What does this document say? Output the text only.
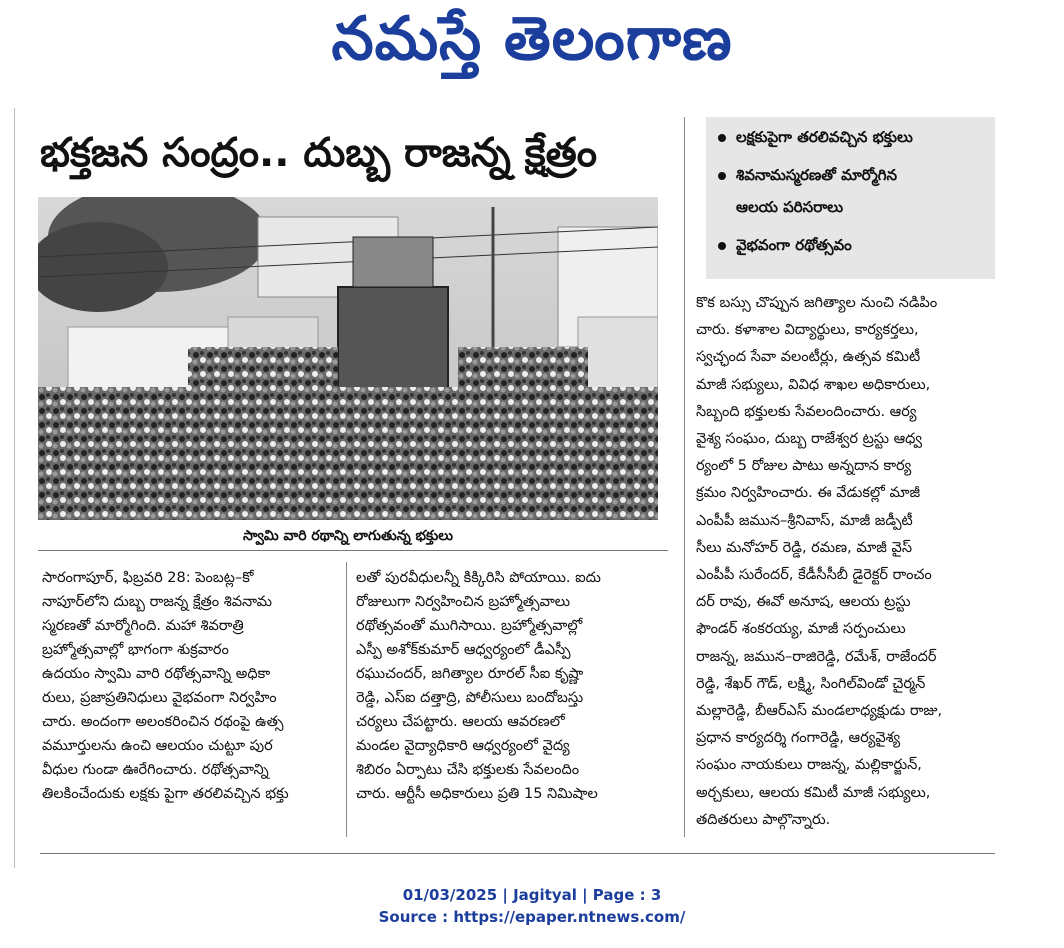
నమస్తే తెలంగాణ
భక్తజన సంద్రం.. దుబ్బ రాజన్న క్షేత్రం
స్వామి వారి రథాన్ని లాగుతున్న భక్తులు
లక్షకుపైగా తరలివచ్చిన భక్తులు
శివనామస్మరణతో మార్మోగిన
ఆలయ పరిసరాలు
వైభవంగా రథోత్సవం

సారంగాపూర్, ఫిబ్రవరి 28: పెంబట్ల–కో

నాపూర్‌లోని దుబ్బ రాజన్న క్షేత్రం శివనామ

స్మరణతో మార్మోగింది. మహా శివరాత్రి

బ్రహ్మోత్సవాల్లో భాగంగా శుక్రవారం

ఉదయం స్వామి వారి రథోత్సవాన్ని అధికా

రులు, ప్రజాప్రతినిధులు వైభవంగా నిర్వహిం

చారు. అందంగా అలంకరించిన రథంపై ఉత్స

వమూర్తులను ఉంచి ఆలయం చుట్టూ పుర

వీధుల గుండా ఊరేగించారు. రథోత్సవాన్ని

తిలకించేందుకు లక్షకు పైగా తరలివచ్చిన భక్తు

లతో పురవీధులన్నీ కిక్కిరిసి పోయాయి. ఐదు

రోజులుగా నిర్వహించిన బ్రహ్మోత్సవాలు

రథోత్సవంతో ముగిసాయి. బ్రహ్మోత్సవాల్లో

ఎస్పీ అశోక్‌కుమార్ ఆధ్వర్యంలో డీఎస్పీ

రఘుచందర్, జగిత్యాల రూరల్ సీఐ కృష్ణా

రెడ్డి, ఎస్ఐ దత్తాద్రి, పోలీసులు బందోబస్తు

చర్యలు చేపట్టారు. ఆలయ ఆవరణలో

మండల వైద్యాధికారి ఆధ్వర్యంలో వైద్య

శిబిరం ఏర్పాటు చేసి భక్తులకు సేవలందిం

చారు. ఆర్టీసీ అధికారులు ప్రతి 15 నిమిషాల

కొక బస్సు చొప్పున జగిత్యాల నుంచి నడిపిం

చారు. కళాశాల విద్యార్థులు, కార్యకర్తలు,

స్వచ్ఛంద సేవా వలంటీర్లు, ఉత్సవ కమిటీ

మాజీ సభ్యులు, వివిధ శాఖల అధికారులు,

సిబ్బంది భక్తులకు సేవలందించారు. ఆర్య

వైశ్య సంఘం, దుబ్బ రాజేశ్వర ట్రస్టు ఆధ్వ

ర్యంలో 5 రోజుల పాటు అన్నదాన కార్య

క్రమం నిర్వహించారు. ఈ వేడుకల్లో మాజీ

ఎంపీపీ జమున–శ్రీనివాస్, మాజీ జడ్పీటీ

సీలు మనోహర్ రెడ్డి, రమణ, మాజీ వైస్

ఎంపీపీ సురేందర్, కేడీసీసీబీ డైరెక్టర్ రాంచం

దర్ రావు, ఈవో అనూష, ఆలయ ట్రస్టు

ఫౌండర్ శంకరయ్య, మాజీ సర్పంచులు

రాజన్న, జమున–రాజిరెడ్డి, రమేశ్, రాజేందర్

రెడ్డి, శేఖర్ గౌడ్, లక్ష్మి, సింగిల్‌విండో చైర్మన్

మల్లారెడ్డి, బీఆర్ఎస్ మండలాధ్యక్షుడు రాజు,

ప్రధాన కార్యదర్శి గంగారెడ్డి, ఆర్యవైశ్య

సంఘం నాయకులు రాజన్న, మల్లికార్జున్,

అర్చకులు, ఆలయ కమిటీ మాజీ సభ్యులు,

తదితరులు పాల్గొన్నారు.

01/03/2025 | Jagityal | Page : 3
Source : https://epaper.ntnews.com/
